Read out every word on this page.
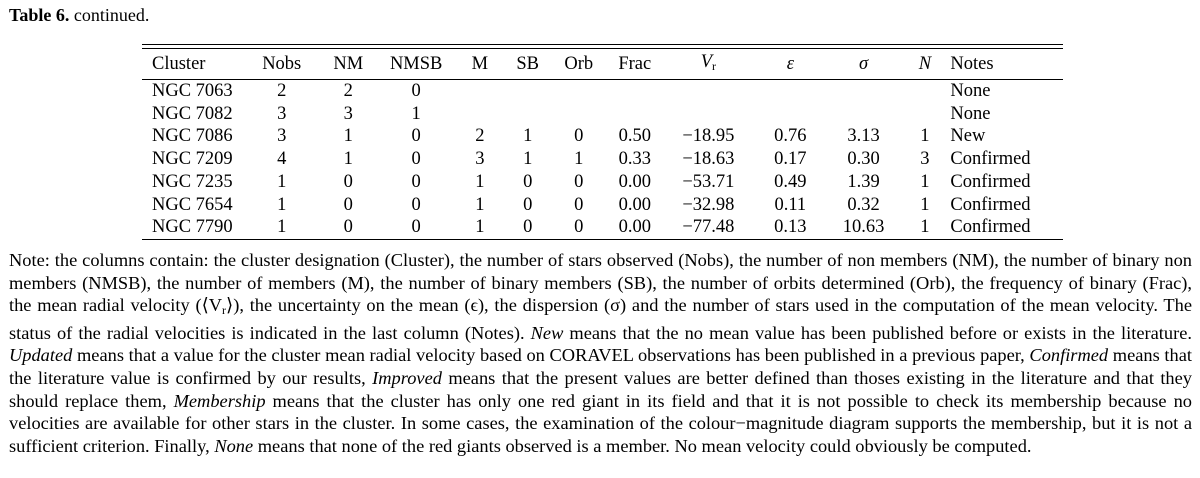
Table 6. continued.
Cluster	Nobs	NM	NMSB	M	SB	Orb	Frac	$V_r$	ε	σ	N	Notes

NGC 7063	2	2	0									None
NGC 7082	3	3	1									None
NGC 7086	3	1	0	2	1	0	0.50	−18.95	0.76	3.13	1	New
NGC 7209	4	1	0	3	1	1	0.33	−18.63	0.17	0.30	3	Confirmed
NGC 7235	1	0	0	1	0	0	0.00	−53.71	0.49	1.39	1	Confirmed
NGC 7654	1	0	0	1	0	0	0.00	−32.98	0.11	0.32	1	Confirmed
NGC 7790	1	0	0	1	0	0	0.00	−77.48	0.13	10.63	1	Confirmed
Note: the columns contain: the cluster designation (Cluster), the number of stars observed (Nobs), the number of non members (NM), the number of binary non members (NMSB), the number of members (M), the number of binary members (SB), the number of orbits determined (Orb), the frequency of binary (Frac), the mean radial velocity $(⟨V_r⟩)$, the uncertainty on the mean (ϵ), the dispersion (σ) and the number of stars used in the computation of the mean velocity. The status of the radial velocities is indicated in the last column (Notes). New means that the no mean value has been published before or exists in the literature. Updated means that a value for the cluster mean radial velocity based on CORAVEL observations has been published in a previous paper, Confirmed means that the literature value is confirmed by our results, Improved means that the present values are better defined than thoses existing in the literature and that they should replace them, Membership means that the cluster has only one red giant in its field and that it is not possible to check its membership because no velocities are available for other stars in the cluster. In some cases, the examination of the colour−magnitude diagram supports the membership, but it is not a sufficient criterion. Finally, None means that none of the red giants observed is a member. No mean velocity could obviously be computed.
